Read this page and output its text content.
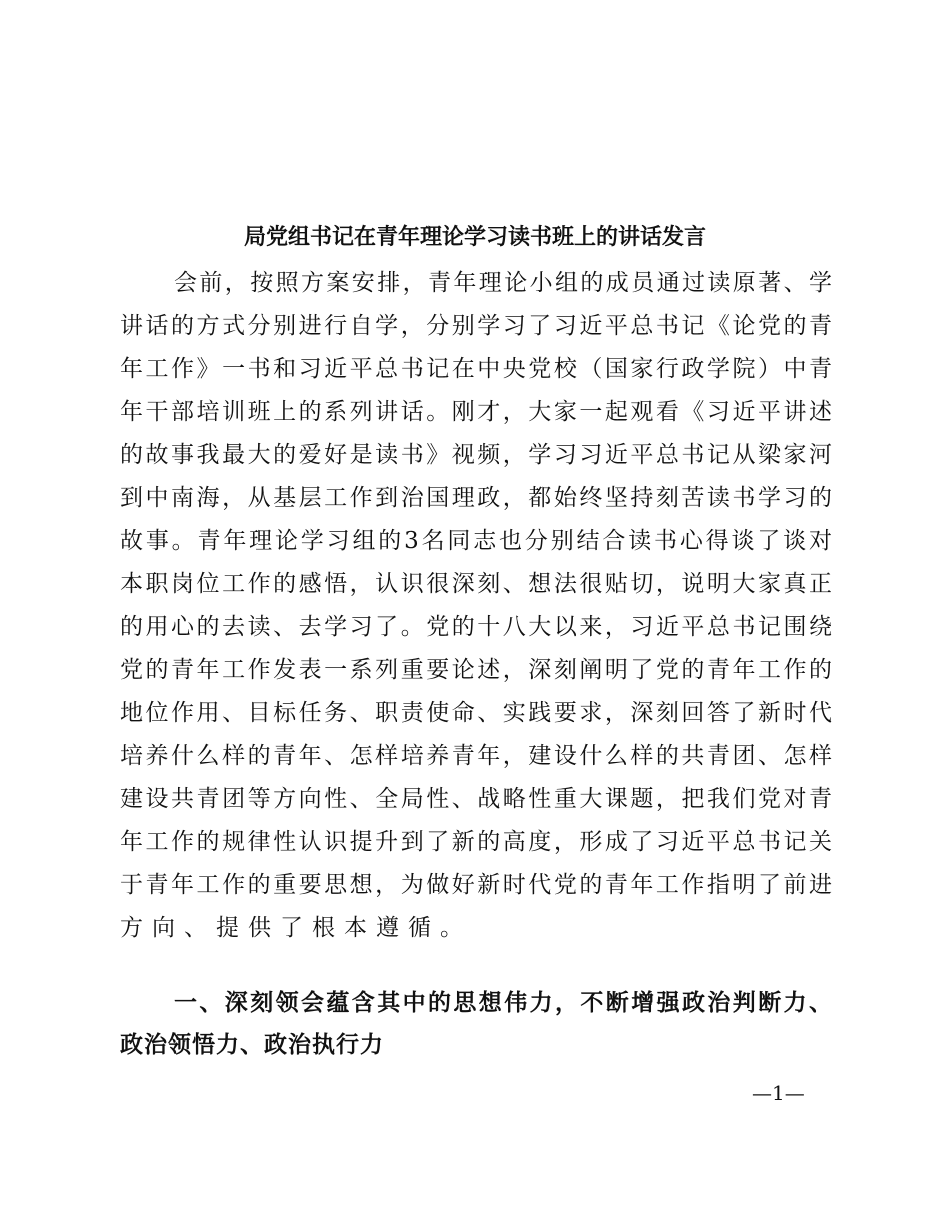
局党组书记在青年理论学习读书班上的讲话发言
会前，按照方案安排，青年理论小组的成员通过读原著、学
讲话的方式分别进行自学，分别学习了习近平总书记《论党的青
年工作》一书和习近平总书记在中央党校（国家行政学院）中青
年干部培训班上的系列讲话。刚才，大家一起观看《习近平讲述
的故事我最大的爱好是读书》视频，学习习近平总书记从梁家河
到中南海，从基层工作到治国理政，都始终坚持刻苦读书学习的
故事。青年理论学习组的3名同志也分别结合读书心得谈了谈对
本职岗位工作的感悟，认识很深刻、想法很贴切，说明大家真正
的用心的去读、去学习了。党的十八大以来，习近平总书记围绕
党的青年工作发表一系列重要论述，深刻阐明了党的青年工作的
地位作用、目标任务、职责使命、实践要求，深刻回答了新时代
培养什么样的青年、怎样培养青年，建设什么样的共青团、怎样
建设共青团等方向性、全局性、战略性重大课题，把我们党对青
年工作的规律性认识提升到了新的高度，形成了习近平总书记关
于青年工作的重要思想，为做好新时代党的青年工作指明了前进
方向、提供了根本遵循。
一、深刻领会蕴含其中的思想伟力，不断增强政治判断力、
政治领悟力、政治执行力
—1—
